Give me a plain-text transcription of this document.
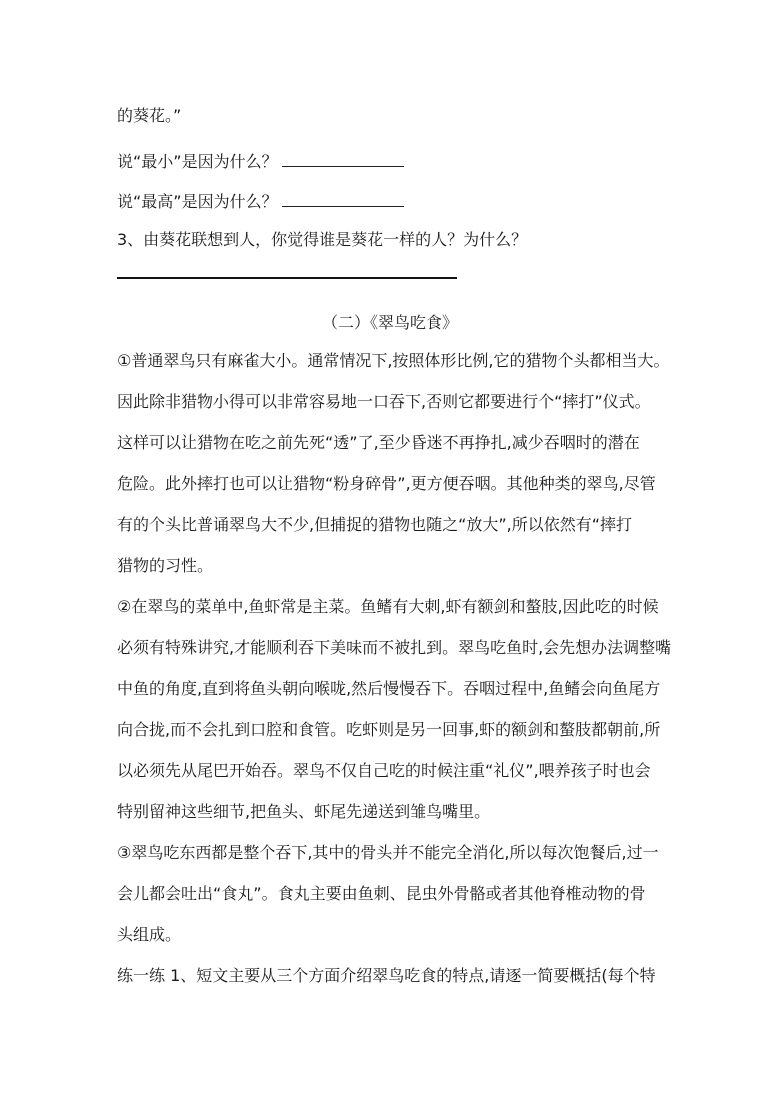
的葵花。”
说“最小”是因为什么？
说“最高”是因为什么？
3、由葵花联想到人，你觉得谁是葵花一样的人？为什么？
（二）《翠鸟吃食》
①普通翠鸟只有麻雀大小。通常情况下,按照体形比例,它的猎物个头都相当大。
因此除非猎物小得可以非常容易地一口吞下,否则它都要进行个“摔打”仪式。
这样可以让猎物在吃之前先死“透”了,至少昏迷不再挣扎,减少吞咽时的潜在
危险。此外摔打也可以让猎物“粉身碎骨”,更方便吞咽。其他种类的翠鸟,尽管
有的个头比普诵翠鸟大不少,但捕捉的猎物也随之“放大”,所以依然有“摔打
猎物的习性。
②在翠鸟的菜单中,鱼虾常是主菜。鱼鳍有大刺,虾有额剑和螯肢,因此吃的时候
必须有特殊讲究,才能顺利吞下美味而不被扎到。翠鸟吃鱼时,会先想办法调整嘴
中鱼的角度,直到将鱼头朝向喉咙,然后慢慢吞下。吞咽过程中,鱼鳍会向鱼尾方
向合拢,而不会扎到口腔和食管。吃虾则是另一回事,虾的额剑和螯肢都朝前,所
以必须先从尾巴开始吞。翠鸟不仅自己吃的时候注重“礼仪”,喂养孩子时也会
特别留神这些细节,把鱼头、虾尾先递送到雏鸟嘴里。
③翠鸟吃东西都是整个吞下,其中的骨头并不能完全消化,所以每次饱餐后,过一
会儿都会吐出“食丸”。食丸主要由鱼刺、昆虫外骨骼或者其他脊椎动物的骨
头组成。
练一练 1、短文主要从三个方面介绍翠鸟吃食的特点,请逐一简要概括(每个特
